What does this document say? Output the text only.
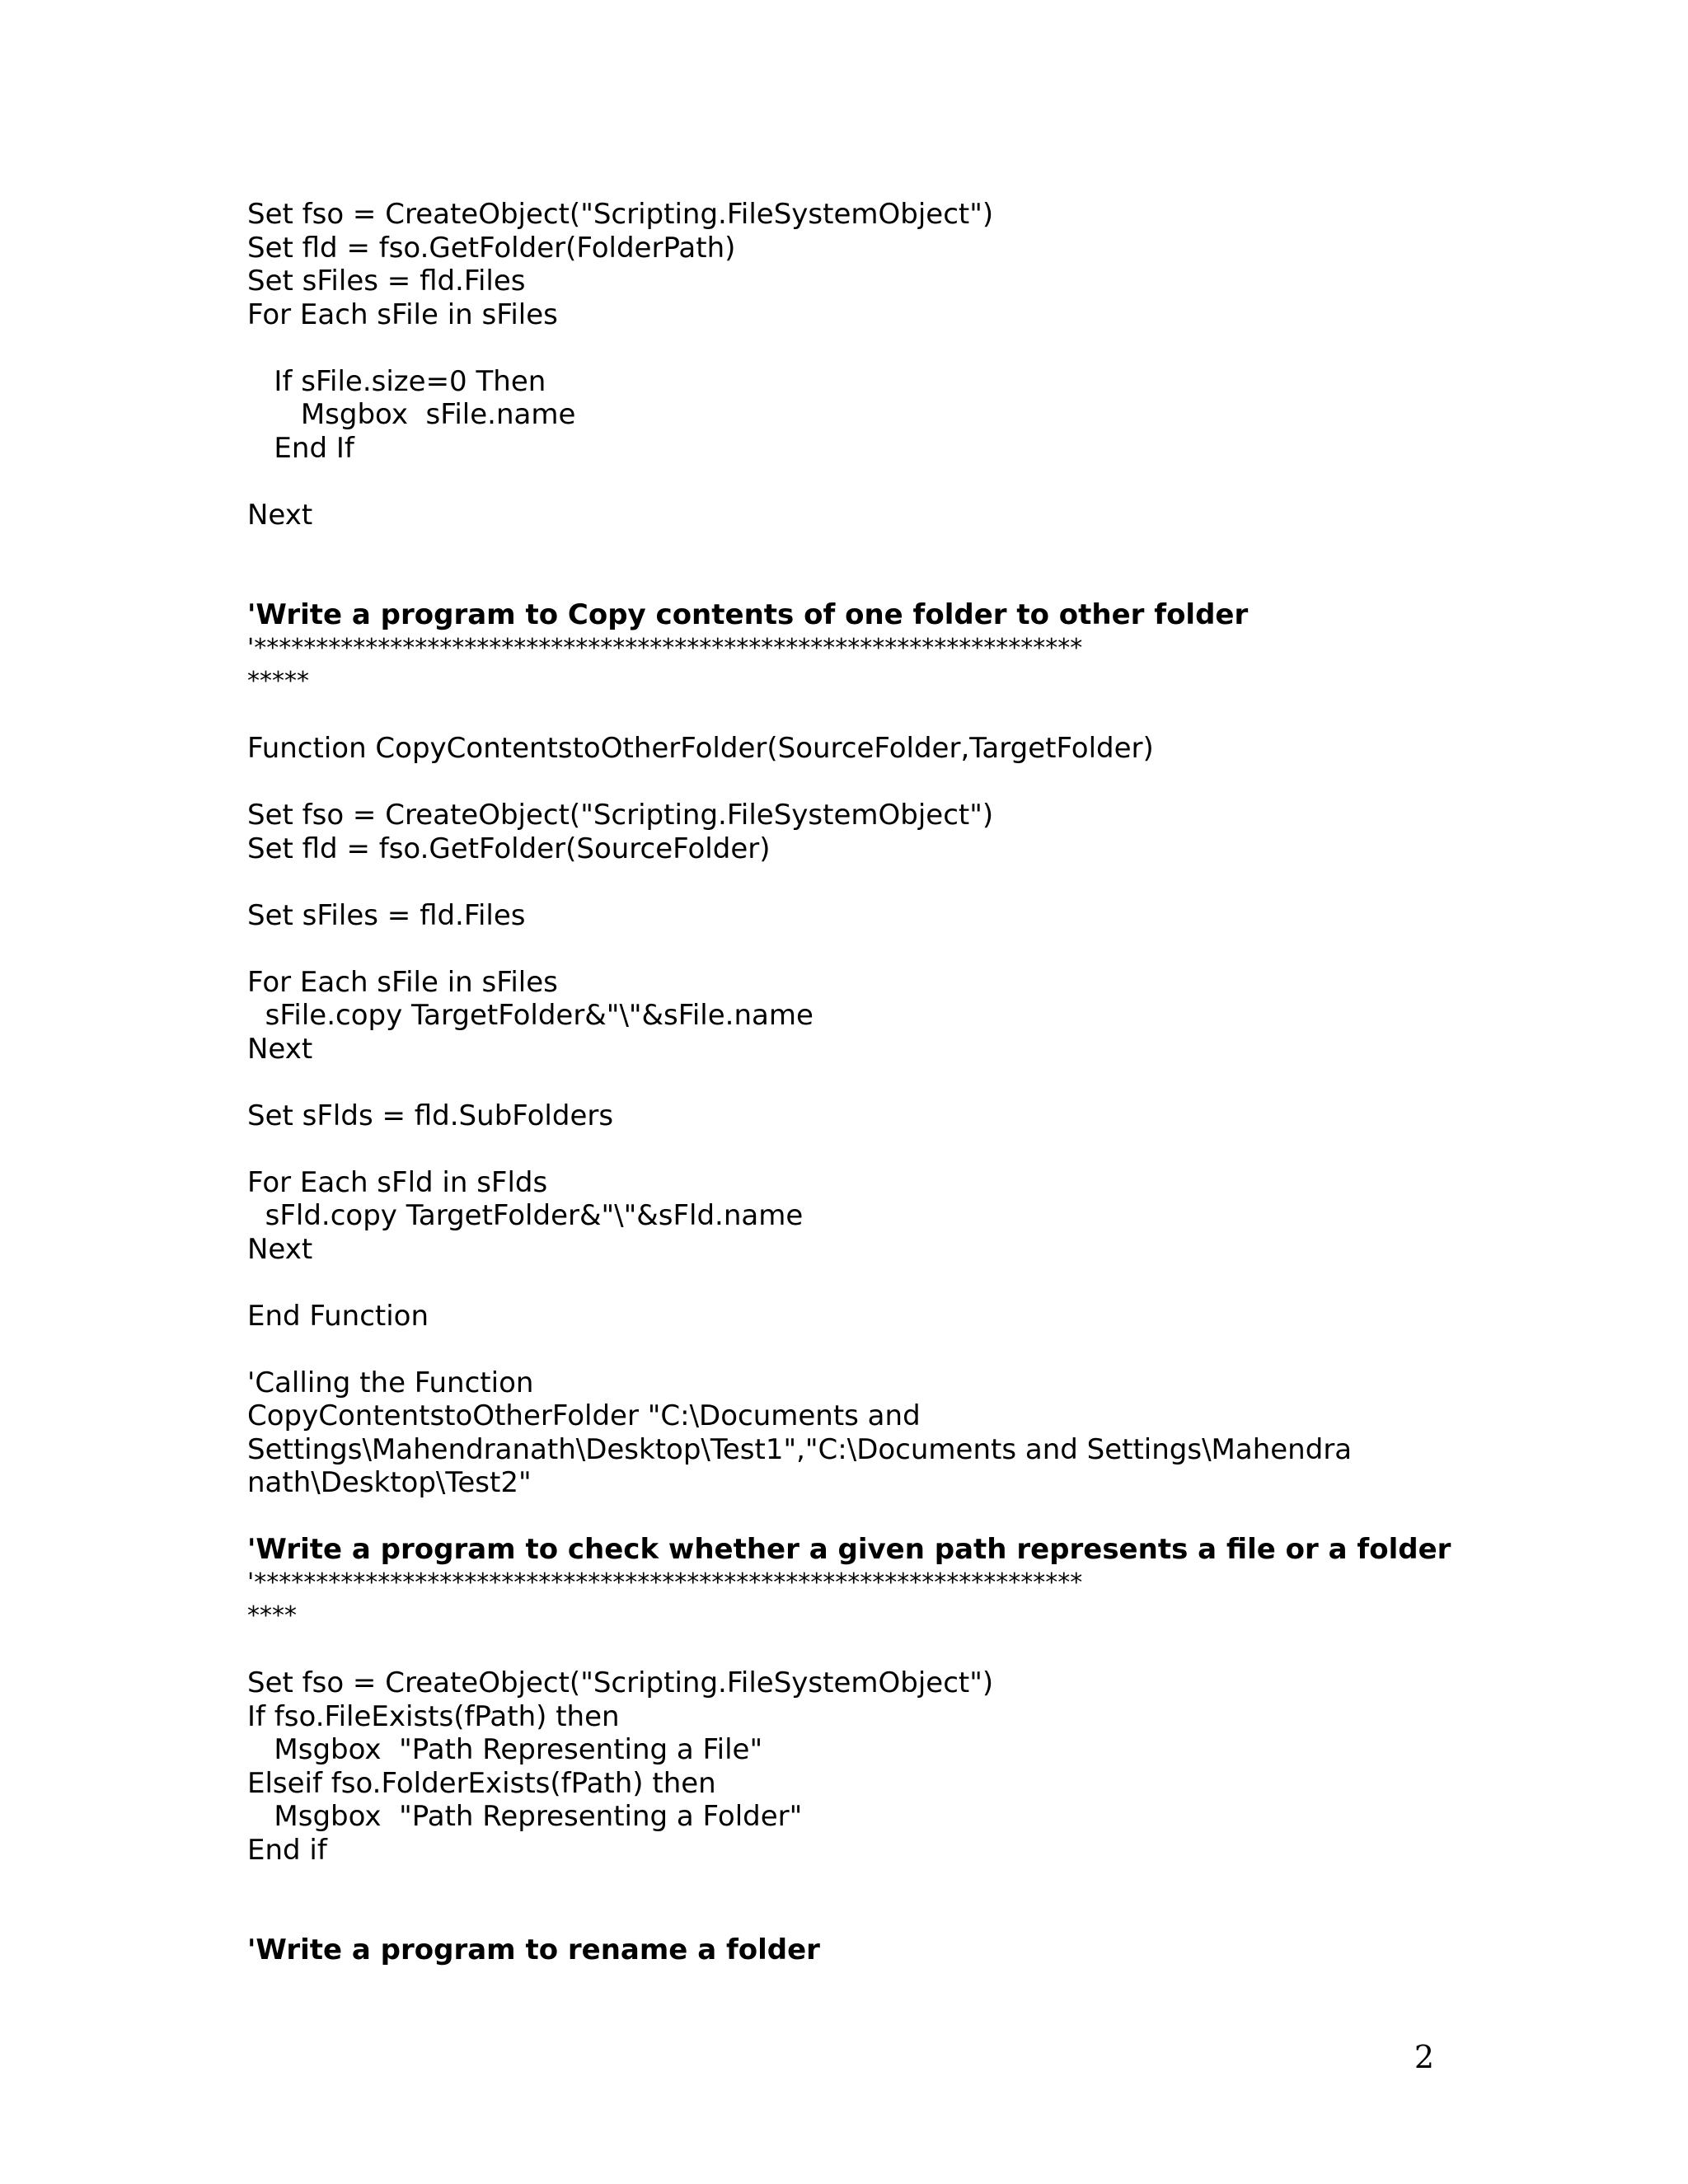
Set fso = CreateObject("Scripting.FileSystemObject")
Set fld = fso.GetFolder(FolderPath)
Set sFiles = fld.Files
For Each sFile in sFiles
If sFile.size=0 Then
Msgbox  sFile.name
End If
Next
'Write a program to Copy contents of one folder to other folder
'*******************************************************************
*****
Function CopyContentstoOtherFolder(SourceFolder,TargetFolder)
Set fso = CreateObject("Scripting.FileSystemObject")
Set fld = fso.GetFolder(SourceFolder)
Set sFiles = fld.Files
For Each sFile in sFiles
sFile.copy TargetFolder&"\"&sFile.name
Next
Set sFlds = fld.SubFolders
For Each sFld in sFlds
sFld.copy TargetFolder&"\"&sFld.name
Next
End Function
'Calling the Function
CopyContentstoOtherFolder "C:\Documents and
Settings\Mahendranath\Desktop\Test1","C:\Documents and Settings\Mahendra
nath\Desktop\Test2"
'Write a program to check whether a given path represents a file or a folder
'*******************************************************************
****
Set fso = CreateObject("Scripting.FileSystemObject")
If fso.FileExists(fPath) then
Msgbox  "Path Representing a File"
Elseif fso.FolderExists(fPath) then
Msgbox  "Path Representing a Folder"
End if
'Write a program to rename a folder
2
